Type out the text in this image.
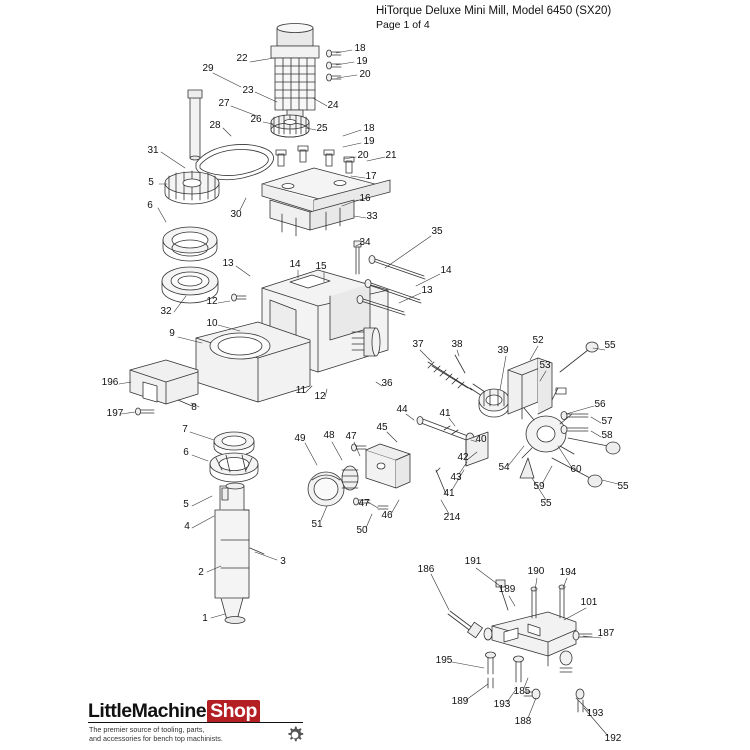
HiTorque Deluxe Mini Mill, Model 6450 (SX20)
Page 1 of 4
29
22
18
19
20
23
24
27
26
25	18
19
28
31	20 21
5
17
6
30
16
33
35
34
13	14 15	14
13
12
32
10
9
37	38
39
52
53
55
196
11
36
56
197
8
12
44	41
57
58
7	45
40
6
49 48 47
42
54	60
59	55
43
5	47
46
41
55
51
50
214
4
3
2	186
191
190 194
189
101
1
187
195
189
185
193
188
193
192
LittleMachine Shop
The premier source of tooling, parts,
and accessories for bench top machinists.
